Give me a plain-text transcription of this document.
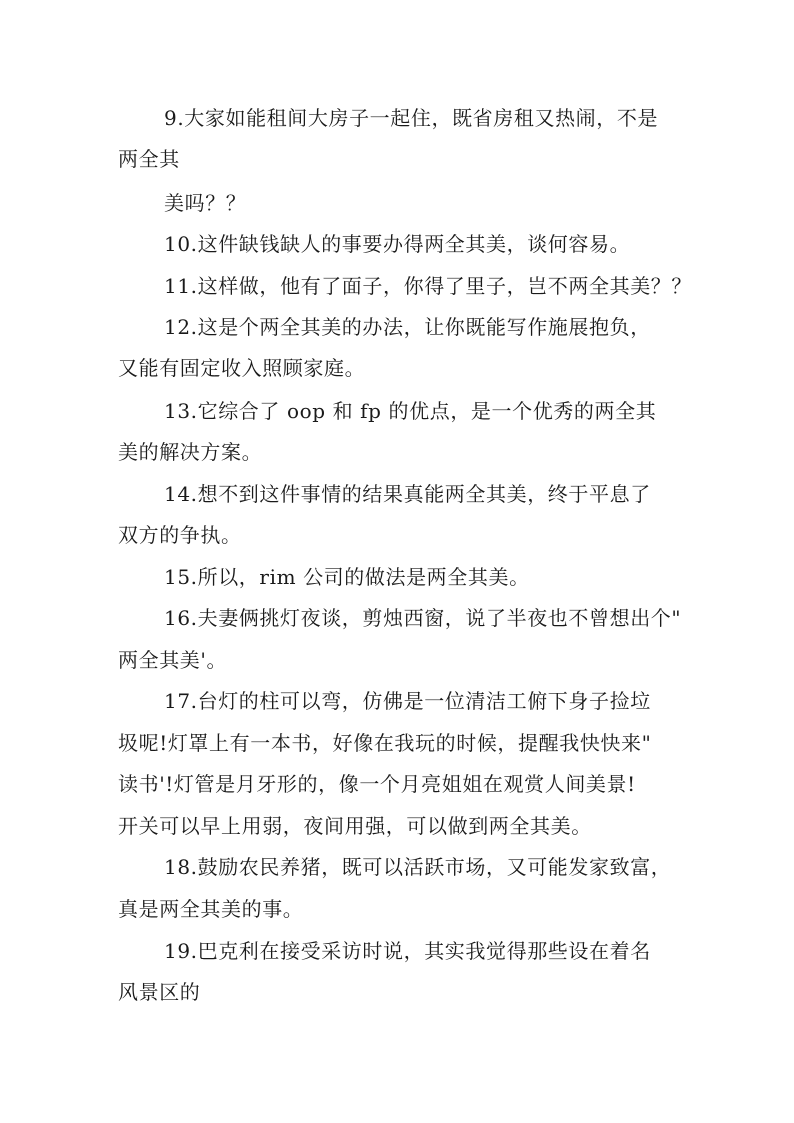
9.大家如能租间大房子一起住，既省房租又热闹，不是
两全其
美吗？？
10.这件缺钱缺人的事要办得两全其美，谈何容易。
11.这样做，他有了面子，你得了里子，岂不两全其美？？
12.这是个两全其美的办法，让你既能写作施展抱负，
又能有固定收入照顾家庭。
13.它综合了 oop 和 fp 的优点，是一个优秀的两全其
美的解决方案。
14.想不到这件事情的结果真能两全其美，终于平息了
双方的争执。
15.所以，rim 公司的做法是两全其美。
16.夫妻俩挑灯夜谈，剪烛西窗，说了半夜也不曾想出个"
两全其美'。
17.台灯的柱可以弯，仿佛是一位清洁工俯下身子捡垃
圾呢!灯罩上有一本书，好像在我玩的时候，提醒我快快来"
读书'!灯管是月牙形的，像一个月亮姐姐在观赏人间美景!
开关可以早上用弱，夜间用强，可以做到两全其美。
18.鼓励农民养猪，既可以活跃市场，又可能发家致富，
真是两全其美的事。
19.巴克利在接受采访时说，其实我觉得那些设在着名
风景区的
